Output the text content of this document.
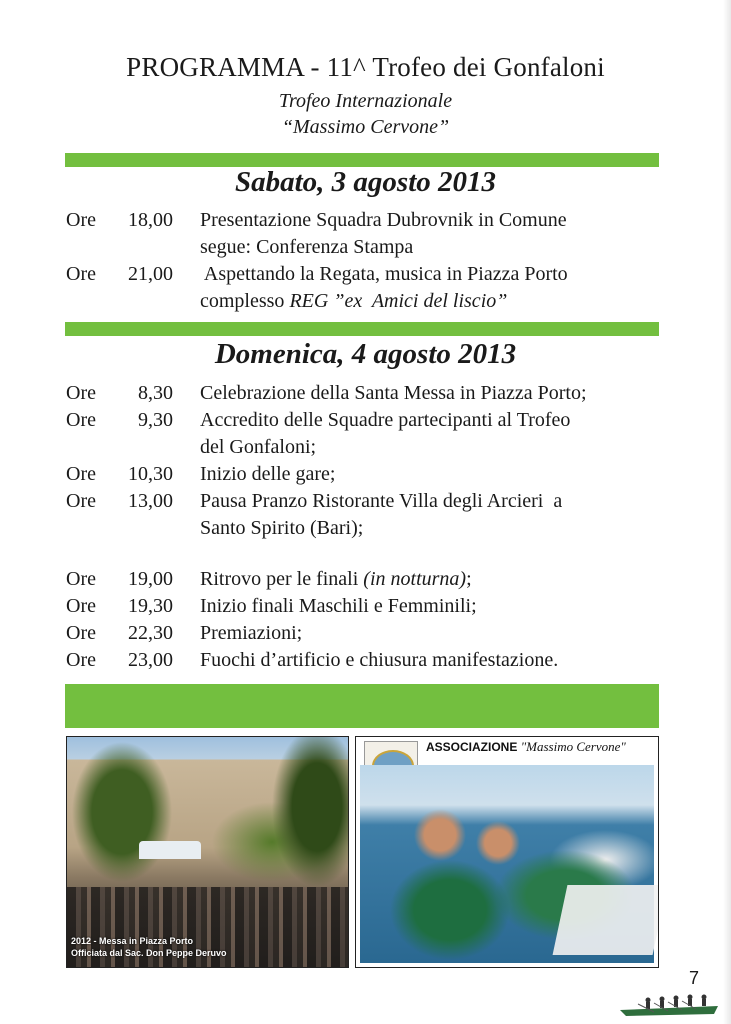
PROGRAMMA - 11^ Trofeo dei Gonfaloni
Trofeo Internazionale
“Massimo Cervone”
Sabato, 3 agosto 2013
Ore	18,00 Presentazione Squadra Dubrovnik in Comune
segue: Conferenza Stampa
Ore	21,00 Aspettando la Regata, musica in Piazza Porto
complesso REG ”ex  Amici del liscio”
Domenica, 4 agosto 2013
Ore	8,30 Celebrazione della Santa Messa in Piazza Porto;
Ore	9,30 Accredito delle Squadre partecipanti al Trofeo
del Gonfaloni;
Ore	10,30 Inizio delle gare;
Ore	13,00 Pausa Pranzo Ristorante Villa degli Arcieri  a
Santo Spirito (Bari);
Ore	19,00 Ritrovo per le finali (in notturna);
Ore	19,30 Inizio finali Maschili e Femminili;
Ore	22,30 Premiazioni;
Ore	23,00 Fuochi d’artificio e chiusura manifestazione.
2012 - Messa in Piazza Porto
Officiata dal Sac. Don Peppe Deruvo
ASSOCIAZIONE "Massimo Cervone"
7
